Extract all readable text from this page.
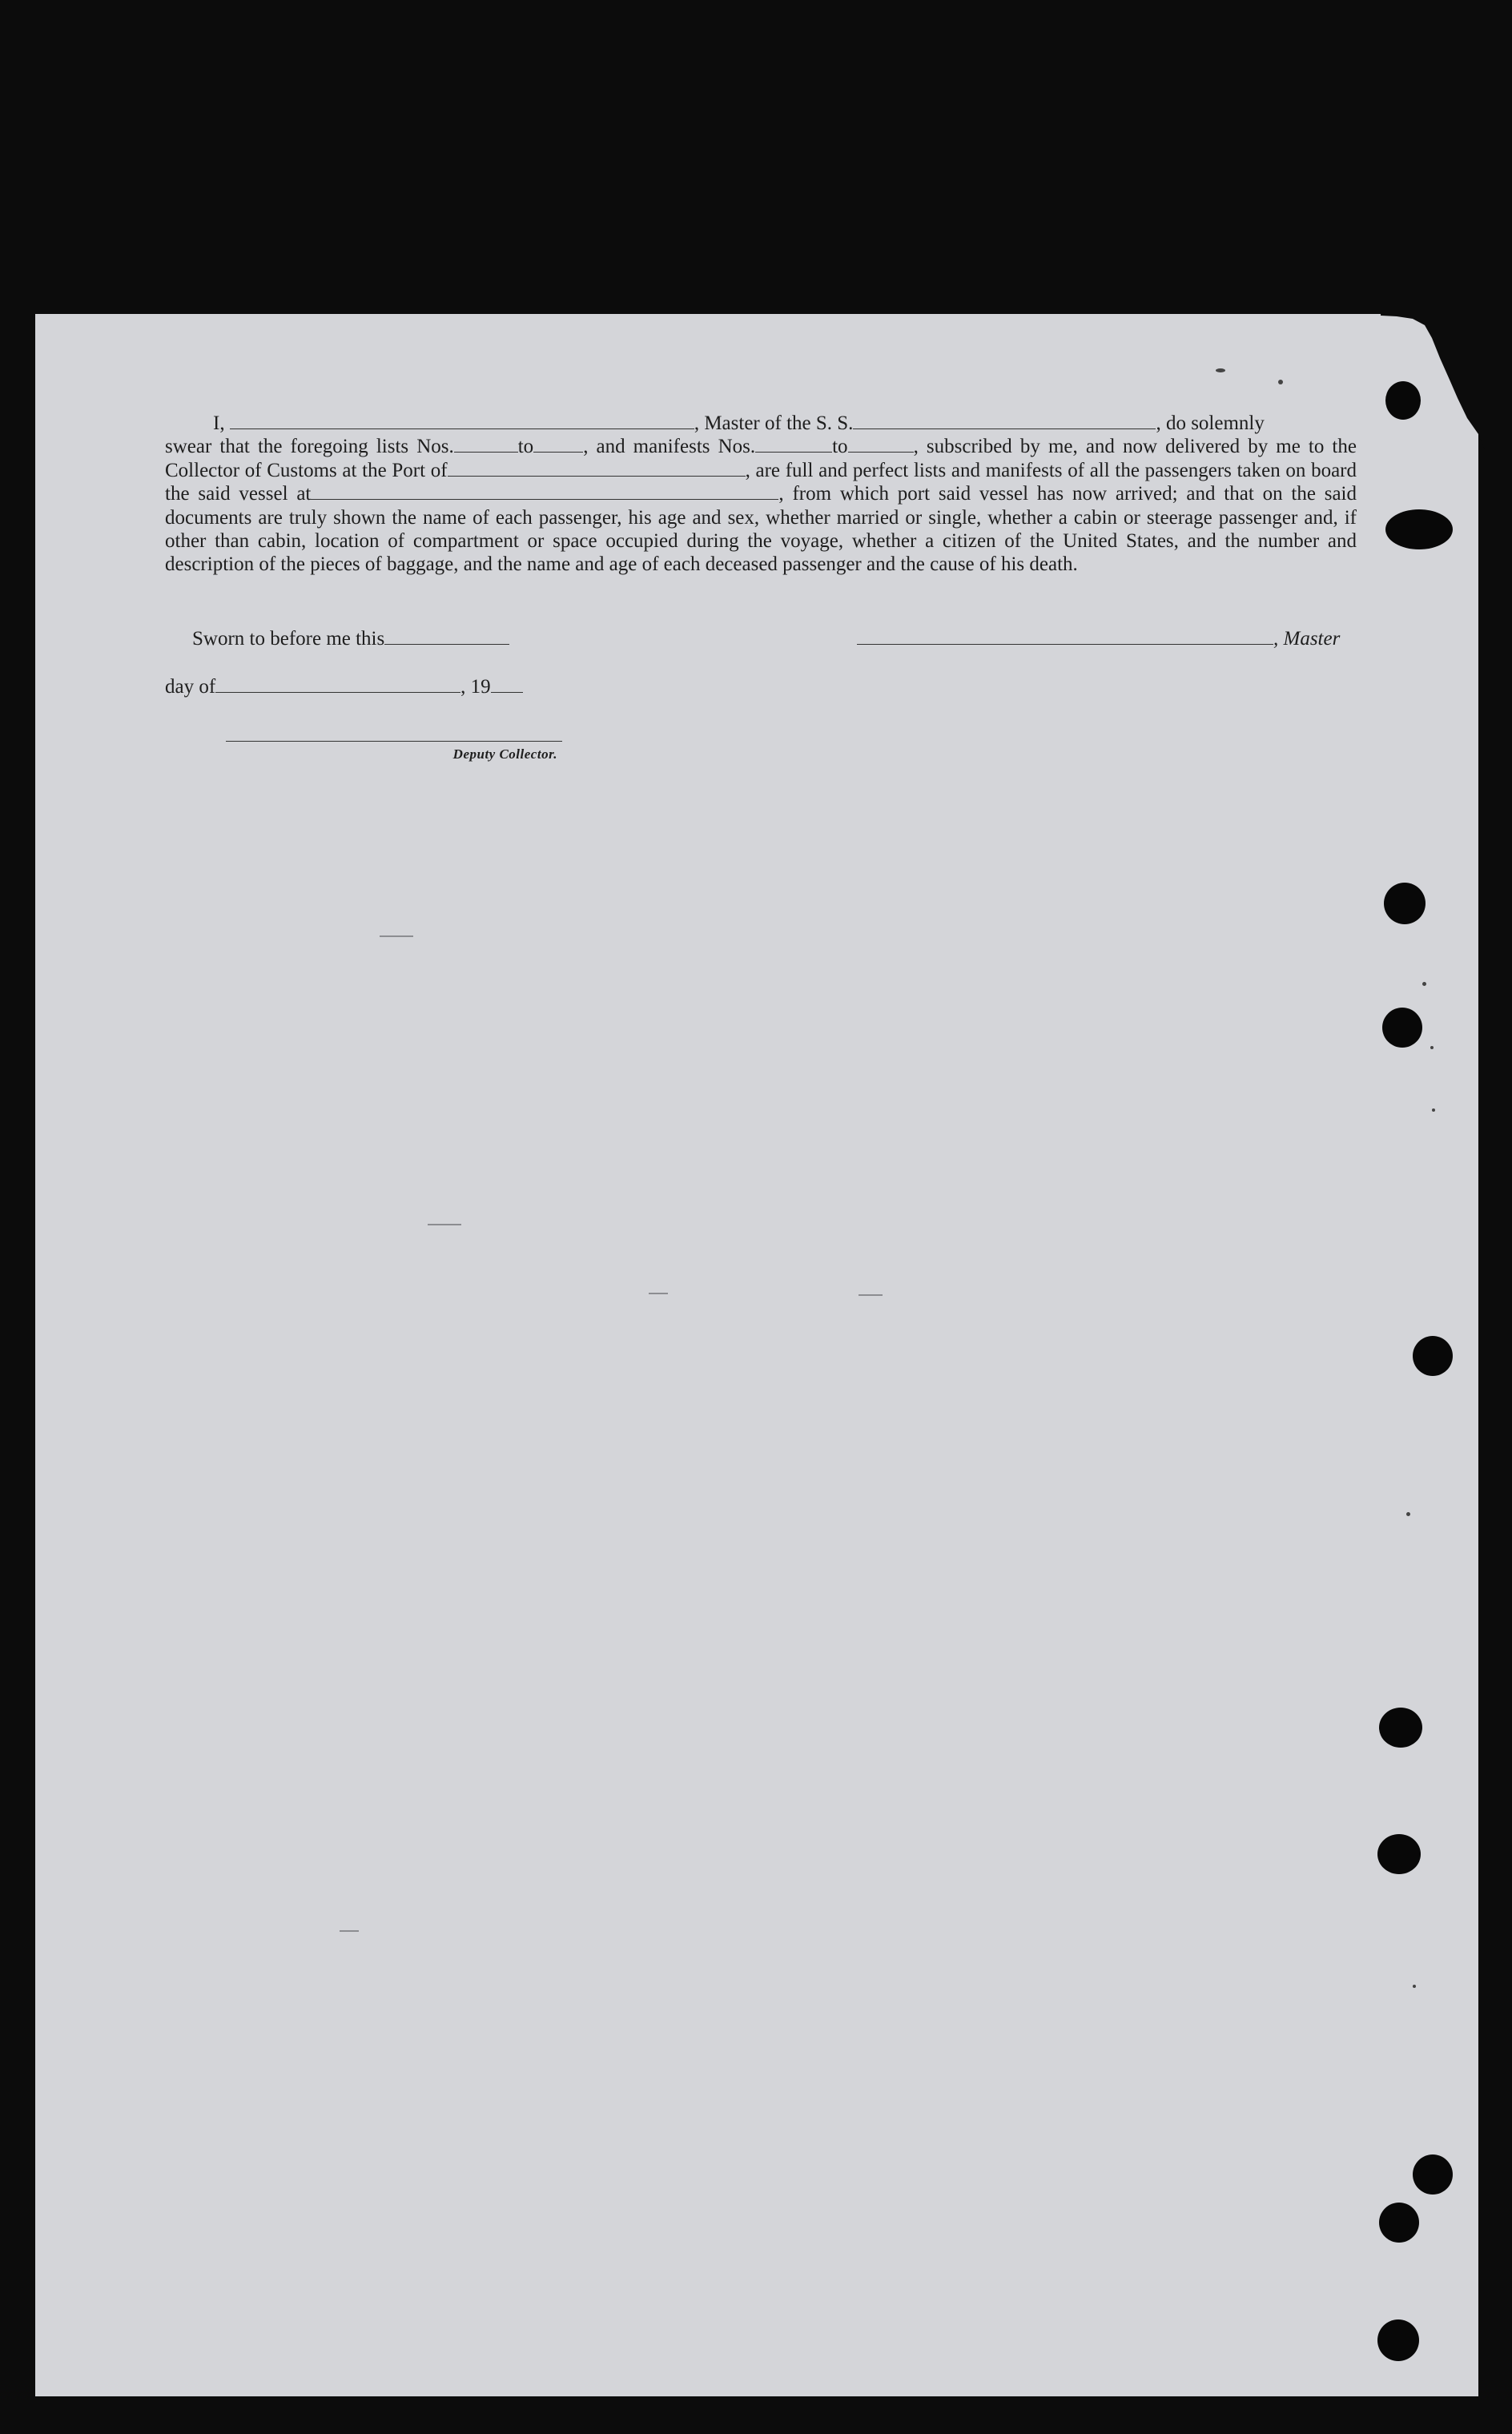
I,	, Master of the S. S.	, do solemnly

swear that the foregoing lists Nos.	to , and manifests Nos.	to	, subscribed by me, and now delivered by me to the Collector of Customs at the Port of	, are full and perfect lists and manifests of all the passengers taken on board the said vessel at	, from which port said vessel has now arrived; and that on the said documents are truly shown the name of each passenger, his age and sex, whether married or single, whether a cabin or steerage passenger and, if other than cabin, location of compartment or space occupied during the voyage, whether a citizen of the United States, and the number and description of the pieces of baggage, and the name and age of each deceased passenger and the cause of his death.

Sworn to before me this	, Master
day of	, 19
Deputy Collector.
